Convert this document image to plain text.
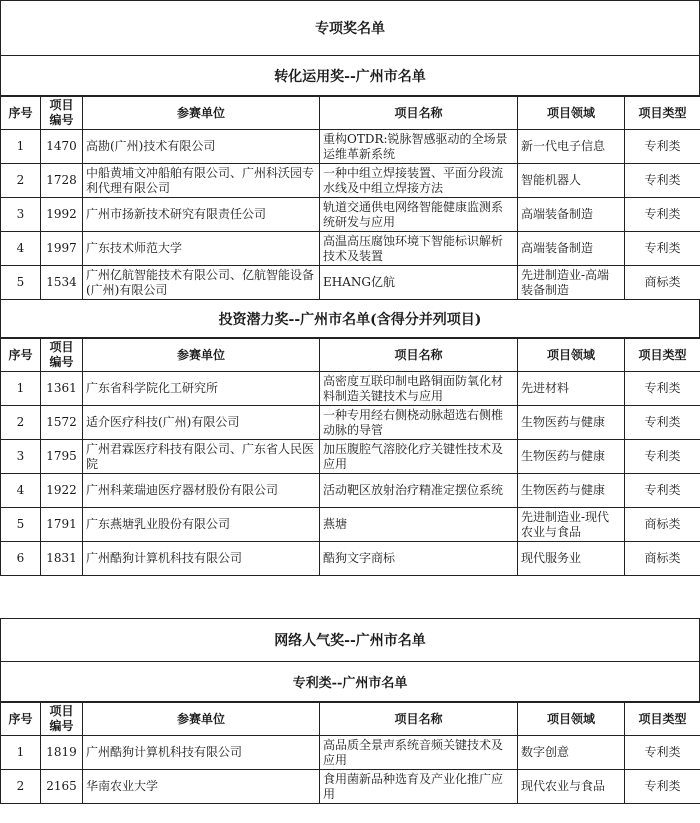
专项奖名单
转化运用奖--广州市名单
序号	项目编号	参赛单位	项目名称	项目领域	项目类型
1	1470	高勘(广州)技术有限公司	重构OTDR:锐脉智感驱动的全场景运维革新系统	新一代电子信息	专利类
2	1728	中船黄埔文冲船舶有限公司、广州科沃园专利代理有限公司	一种中组立焊接装置、平面分段流水线及中组立焊接方法	智能机器人	专利类
3	1992	广州市扬新技术研究有限责任公司	轨道交通供电网络智能健康监测系统研发与应用	高端装备制造	专利类
4	1997	广东技术师范大学	高温高压腐蚀环境下智能标识解析技术及装置	高端装备制造	专利类
5	1534	广州亿航智能技术有限公司、亿航智能设备(广州)有限公司	EHANG亿航	先进制造业-高端装备制造	商标类
投资潜力奖--广州市名单(含得分并列项目)
序号	项目编号	参赛单位	项目名称	项目领域	项目类型
1	1361	广东省科学院化工研究所	高密度互联印制电路铜面防氧化材料制造关键技术与应用	先进材料	专利类
2	1572	适介医疗科技(广州)有限公司	一种专用经右侧桡动脉超选右侧椎动脉的导管	生物医药与健康	专利类
3	1795	广州君霖医疗科技有限公司、广东省人民医院	加压腹腔气溶胶化疗关键性技术及应用	生物医药与健康	专利类
4	1922	广州科莱瑞迪医疗器材股份有限公司	活动靶区放射治疗精准定摆位系统	生物医药与健康	专利类
5	1791	广东燕塘乳业股份有限公司	燕塘	先进制造业-现代农业与食品	商标类
6	1831	广州酷狗计算机科技有限公司	酷狗文字商标	现代服务业	商标类
网络人气奖--广州市名单
专利类--广州市名单
序号	项目编号	参赛单位	项目名称	项目领域	项目类型
1	1819	广州酷狗计算机科技有限公司	高品质全景声系统音频关键技术及应用	数字创意	专利类
2	2165	华南农业大学	食用菌新品种选育及产业化推广应用	现代农业与食品	专利类
